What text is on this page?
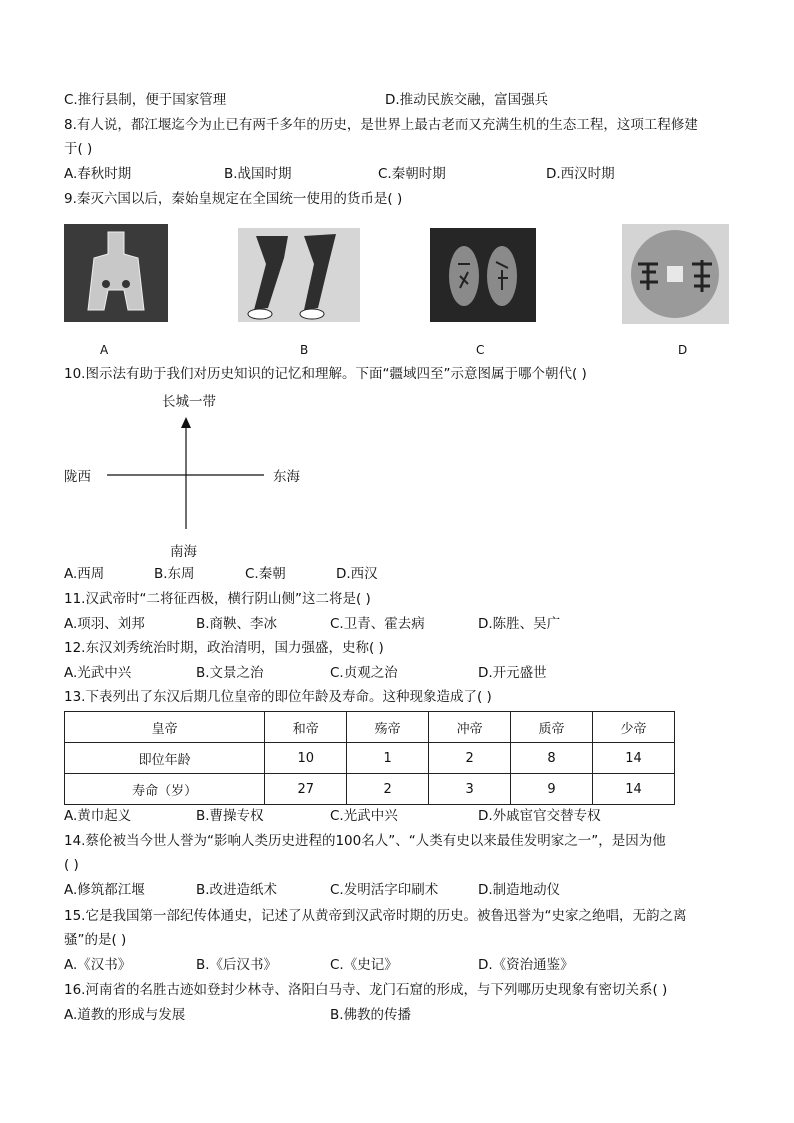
C.推行县制，便于国家管理	D.推动民族交融，富国强兵
8.有人说，都江堰迄今为止已有两千多年的历史，是世界上最古老而又充满生机的生态工程，这项工程修建
于( )
A.春秋时期	B.战国时期	C.秦朝时期	D.西汉时期
9.秦灭六国以后，秦始皇规定在全国统一使用的货币是( )
A	B	C	D
10.图示法有助于我们对历史知识的记忆和理解。下面“疆域四至”示意图属于哪个朝代( )
长城一带
陇西	东海
南海
A.西周	B.东周	C.秦朝	D.西汉
11.汉武帝时“二将征西极，横行阴山侧”这二将是( )
A.项羽、刘邦	B.商鞅、李冰	C.卫青、霍去病	D.陈胜、吴广
12.东汉刘秀统治时期，政治清明，国力强盛，史称( )
A.光武中兴	B.文景之治	C.贞观之治	D.开元盛世
13.下表列出了东汉后期几位皇帝的即位年龄及寿命。这种现象造成了( )
皇帝	和帝	殇帝	冲帝	质帝	少帝
即位年龄	10	1	2	8	14
寿命（岁）	27	2	3	9	14
A.黄巾起义	B.曹操专权	C.光武中兴	D.外戚宦官交替专权
14.蔡伦被当今世人誉为“影响人类历史进程的100名人”、“人类有史以来最佳发明家之一”，是因为他
( )
A.修筑都江堰	B.改进造纸术	C.发明活字印刷术	D.制造地动仪
15.它是我国第一部纪传体通史，记述了从黄帝到汉武帝时期的历史。被鲁迅誉为“史家之绝唱，无韵之离
骚”的是( )
A.《汉书》	B.《后汉书》	C.《史记》	D.《资治通鉴》
16.河南省的名胜古迹如登封少林寺、洛阳白马寺、龙门石窟的形成，与下列哪历史现象有密切关系( )
A.道教的形成与发展	B.佛教的传播
